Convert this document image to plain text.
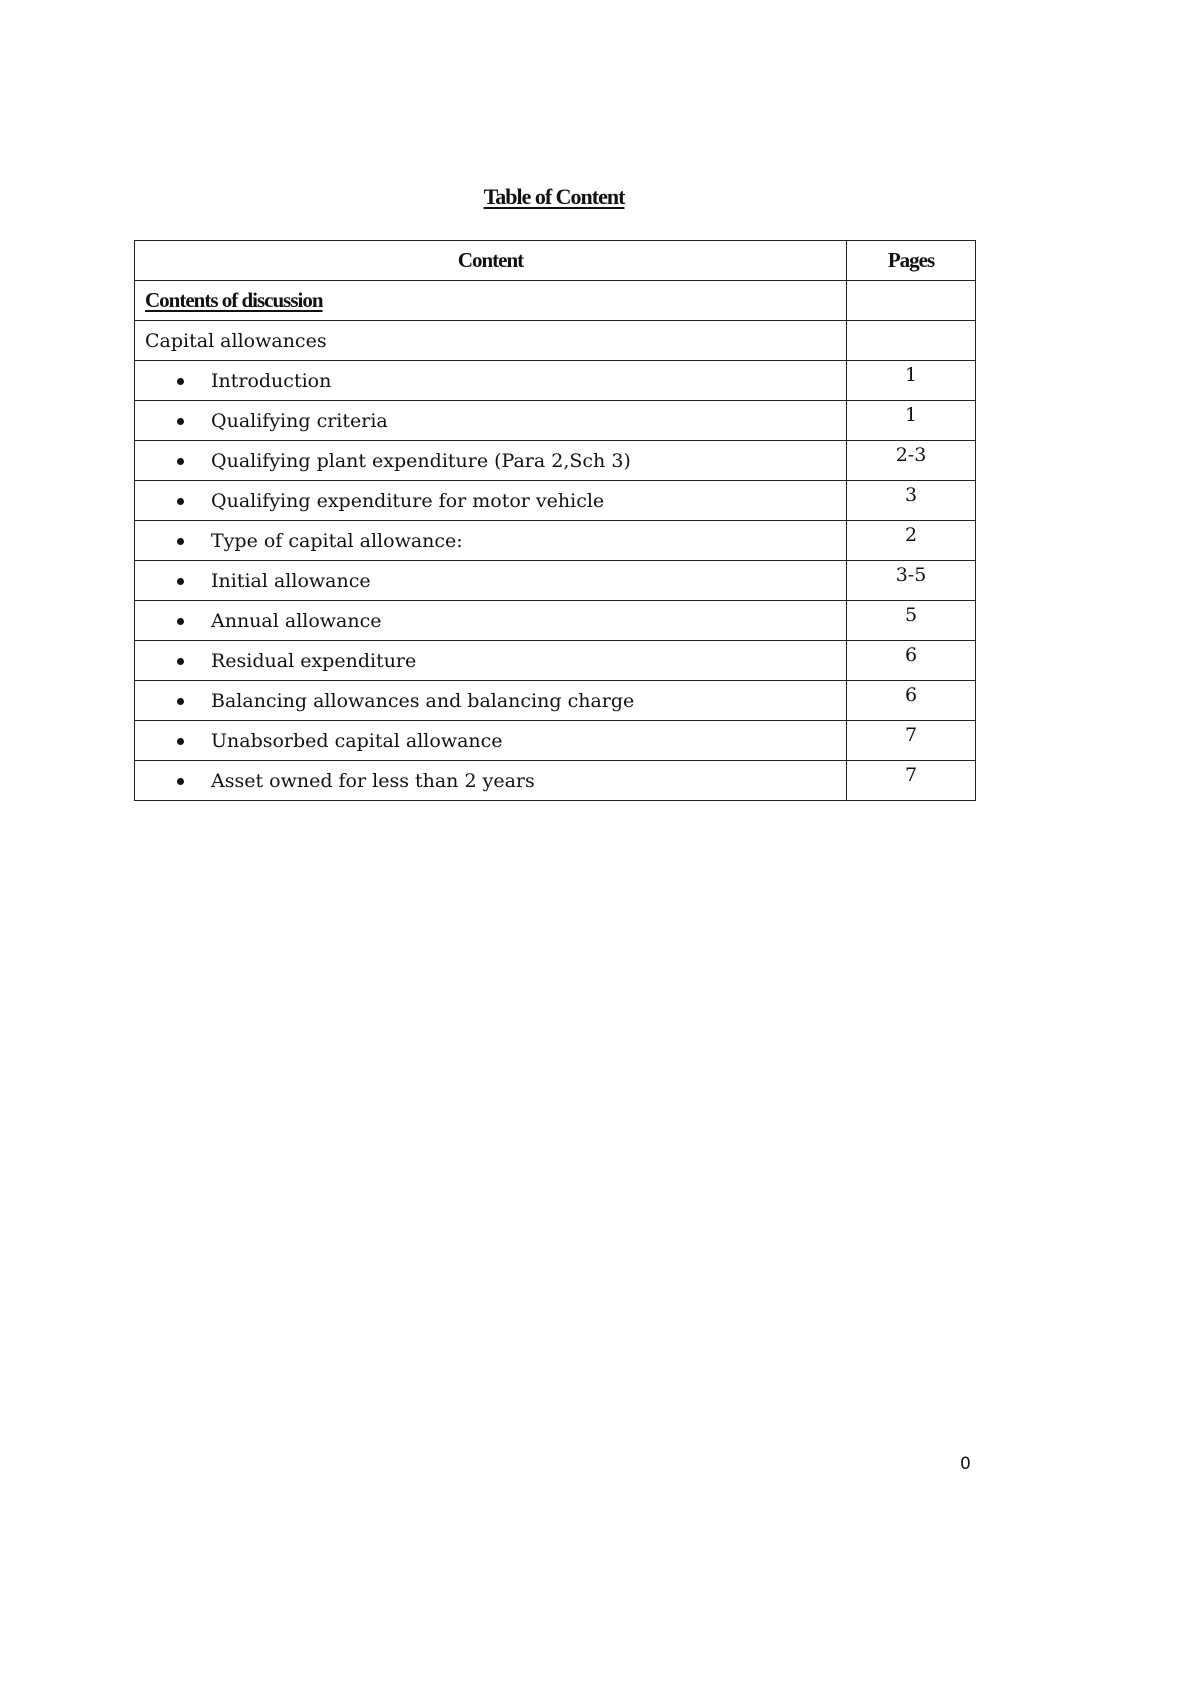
Table of Content
Content	Pages
Contents of discussion	
Capital allowances	

Introduction	1

Qualifying criteria	1

Qualifying plant expenditure (Para 2,Sch 3)	2-3

Qualifying expenditure for motor vehicle	3

Type of capital allowance:	2

Initial allowance	3-5

Annual allowance	5

Residual expenditure	6

Balancing allowances and balancing charge	6

Unabsorbed capital allowance	7

Asset owned for less than 2 years	7
0
